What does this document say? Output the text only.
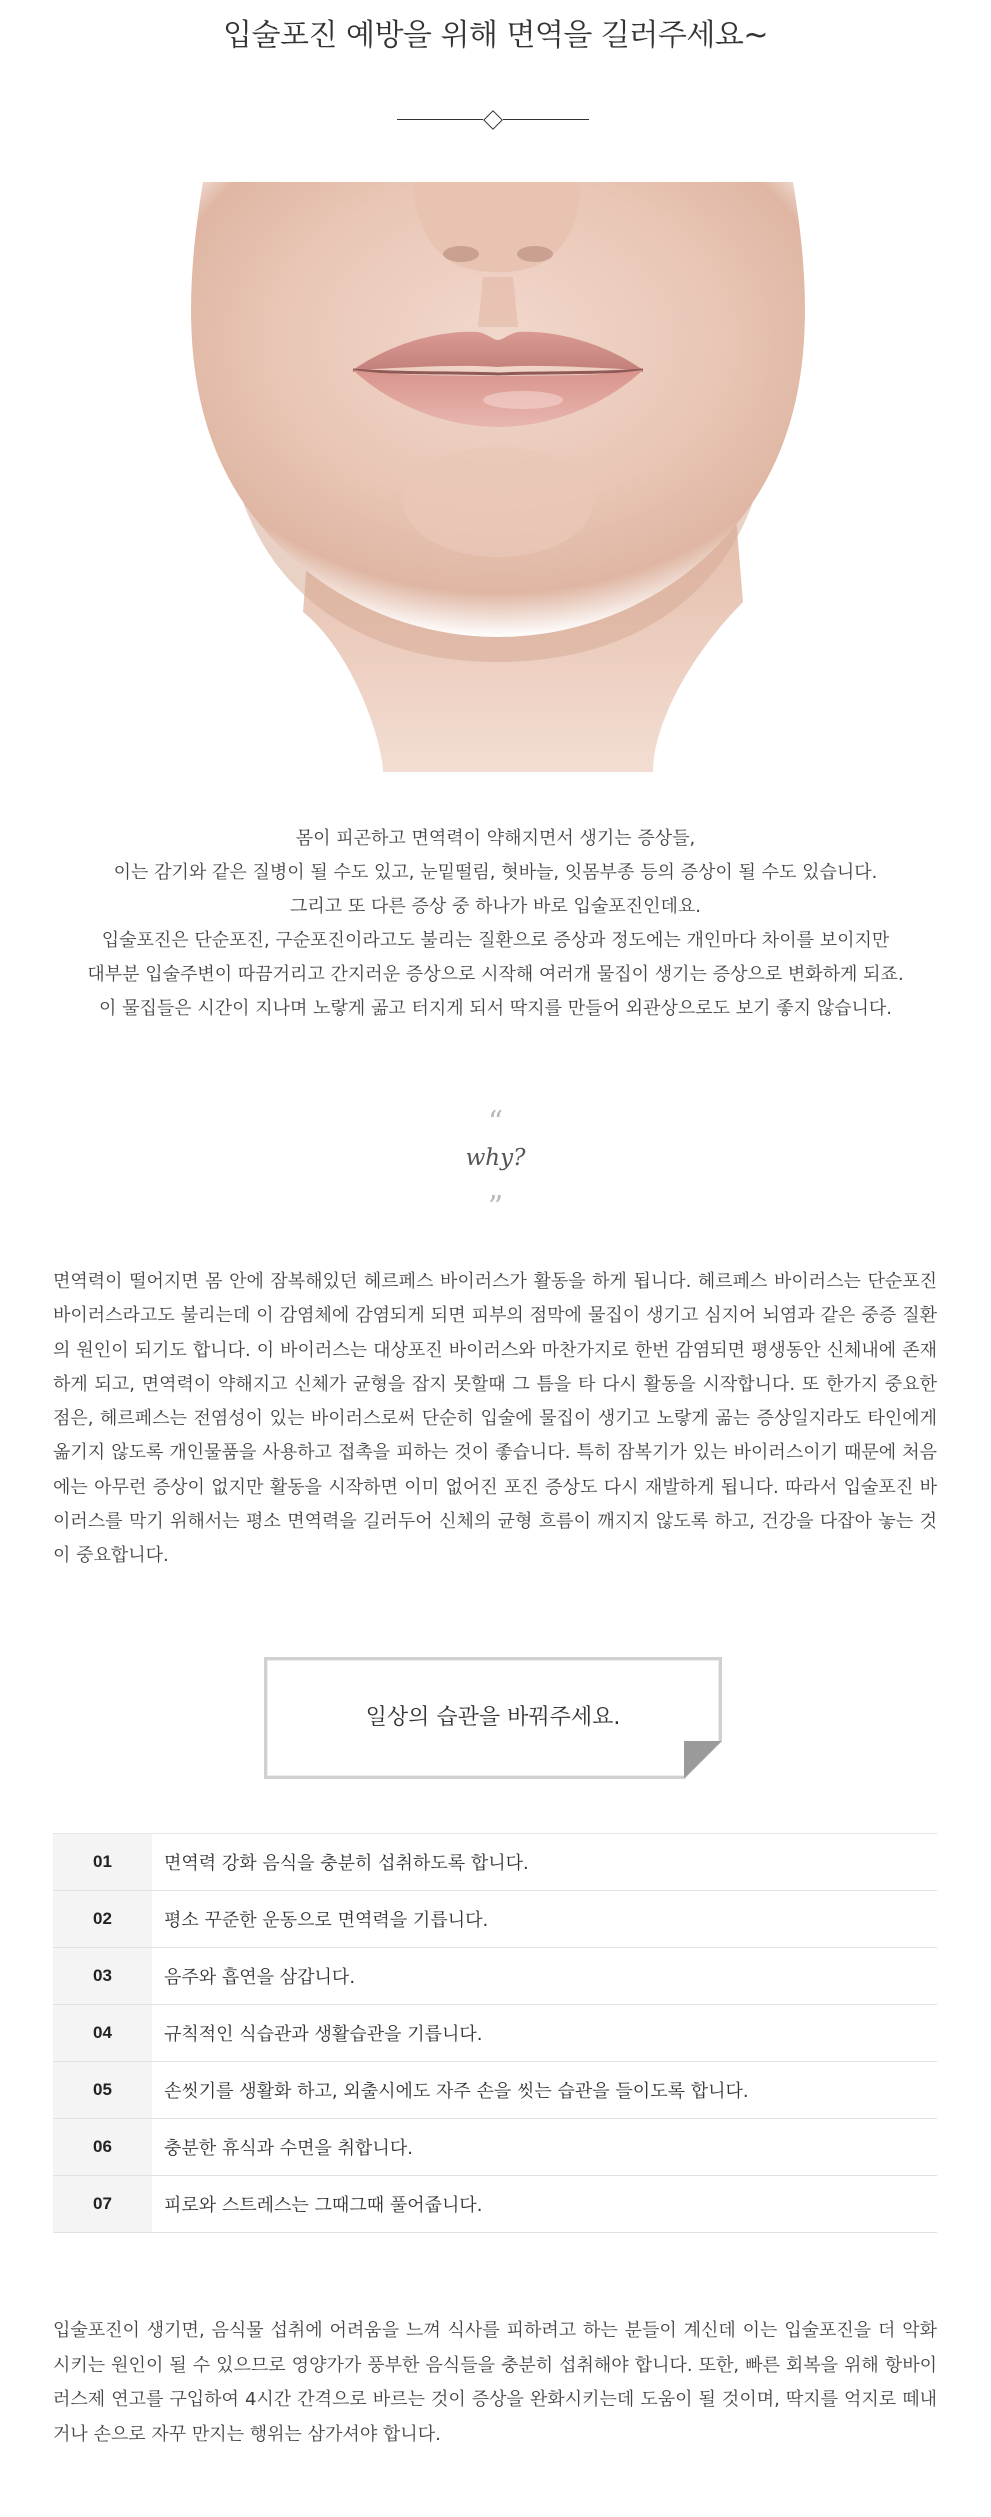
입술포진 예방을 위해 면역을 길러주세요~

몸이 피곤하고 면역력이 약해지면서 생기는 증상들,

이는 감기와 같은 질병이 될 수도 있고, 눈밑떨림, 혓바늘, 잇몸부종 등의 증상이 될 수도 있습니다.

그리고 또 다른 증상 중 하나가 바로 입술포진인데요.

입술포진은 단순포진, 구순포진이라고도 불리는 질환으로 증상과 정도에는 개인마다 차이를 보이지만

대부분 입술주변이 따끔거리고 간지러운 증상으로 시작해 여러개 물집이 생기는 증상으로 변화하게 되죠.

이 물집들은 시간이 지나며 노랗게 곪고 터지게 되서 딱지를 만들어 외관상으로도 보기 좋지 않습니다.

“
why?
”

면역력이 떨어지면 몸 안에 잠복해있던 헤르페스 바이러스가 활동을 하게 됩니다. 헤르페스 바이러스는 단순포진 바이러스라고도 불리는데 이 감염체에 감염되게 되면 피부의 점막에 물집이 생기고 심지어 뇌염과 같은 중증 질환의 원인이 되기도 합니다. 이 바이러스는 대상포진 바이러스와 마찬가지로 한번 감염되면 평생동안 신체내에 존재하게 되고, 면역력이 약해지고 신체가 균형을 잡지 못할때 그 틈을 타 다시 활동을 시작합니다. 또 한가지 중요한 점은, 헤르페스는 전염성이 있는 바이러스로써 단순히 입술에 물집이 생기고 노랗게 곪는 증상일지라도 타인에게 옮기지 않도록 개인물품을 사용하고 접촉을 피하는 것이 좋습니다. 특히 잠복기가 있는 바이러스이기 때문에 처음에는 아무런 증상이 없지만 활동을 시작하면 이미 없어진 포진 증상도 다시 재발하게 됩니다. 따라서 입술포진 바이러스를 막기 위해서는 평소 면역력을 길러두어 신체의 균형 흐름이 깨지지 않도록 하고, 건강을 다잡아 놓는 것이 중요합니다.

일상의 습관을 바꿔주세요.
01	면역력 강화 음식을 충분히 섭취하도록 합니다.
02	평소 꾸준한 운동으로 면역력을 기릅니다.
03	음주와 흡연을 삼갑니다.
04	규칙적인 식습관과 생활습관을 기릅니다.
05	손씻기를 생활화 하고, 외출시에도 자주 손을 씻는 습관을 들이도록 합니다.
06	충분한 휴식과 수면을 취합니다.
07	피로와 스트레스는 그때그때 풀어줍니다.

입술포진이 생기면, 음식물 섭취에 어려움을 느껴 식사를 피하려고 하는 분들이 계신데 이는 입술포진을 더 악화시키는 원인이 될 수 있으므로 영양가가 풍부한 음식들을 충분히 섭취해야 합니다. 또한, 빠른 회복을 위해 항바이러스제 연고를 구입하여 4시간 간격으로 바르는 것이 증상을 완화시키는데 도움이 될 것이며, 딱지를 억지로 떼내거나 손으로 자꾸 만지는 행위는 삼가셔야 합니다.
